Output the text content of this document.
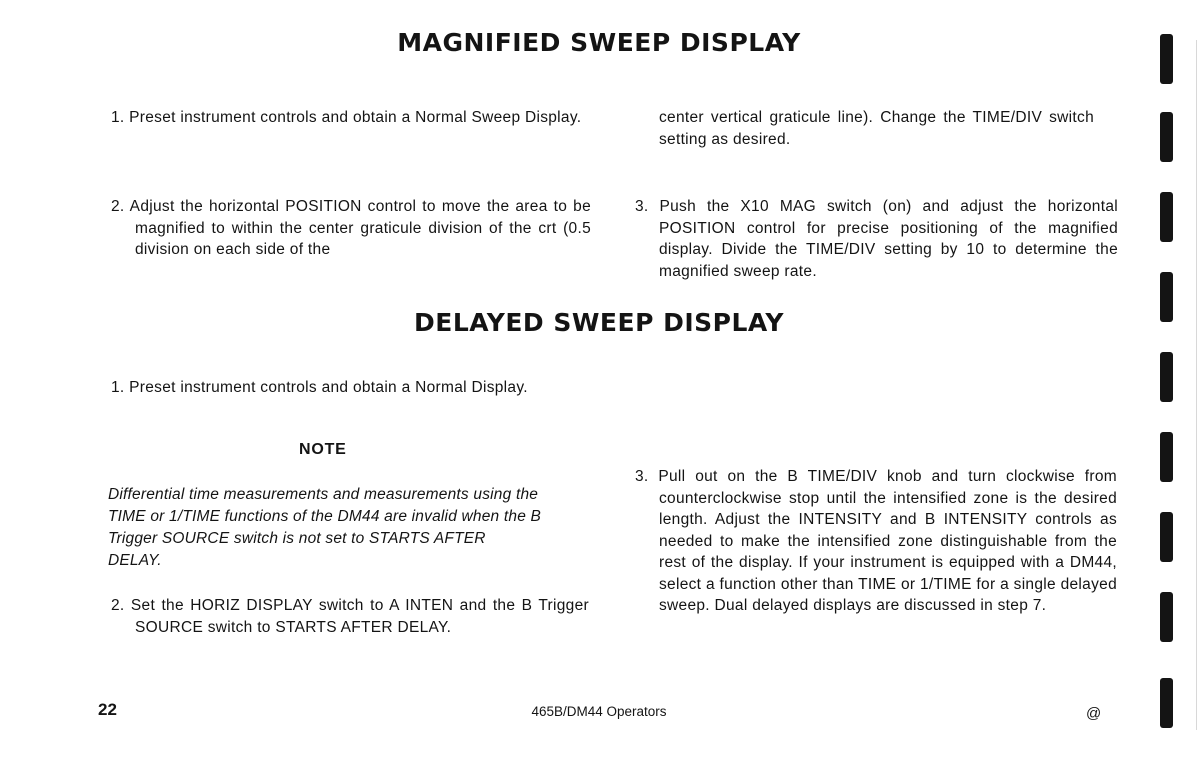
MAGNIFIED SWEEP DISPLAY

1. Preset instrument controls and obtain a Normal Sweep Display.

2. Adjust the horizontal POSITION control to move the area to be magnified to within the center graticule division of the crt (0.5 division on each side of the

center vertical graticule line). Change the TIME/DIV switch setting as desired.

3. Push the X10 MAG switch (on) and adjust the horizontal POSITION control for precise positioning of the magnified display. Divide the TIME/DIV setting by 10 to determine the magnified sweep rate.

DELAYED SWEEP DISPLAY

1. Preset instrument controls and obtain a Normal Display.

NOTE

Differential time measurements and measurements using the TIME or 1/TIME functions of the DM44 are invalid when the B Trigger SOURCE switch is not set to STARTS AFTER DELAY.

2. Set the HORIZ DISPLAY switch to A INTEN and the B Trigger SOURCE switch to STARTS AFTER DELAY.

3. Pull out on the B TIME/DIV knob and turn clockwise from counterclockwise stop until the intensified zone is the desired length. Adjust the INTENSITY and B INTENSITY controls as needed to make the intensified zone distinguishable from the rest of the display. If your instrument is equipped with a DM44, select a function other than TIME or 1/TIME for a single delayed sweep. Dual delayed displays are discussed in step 7.

22	465B/DM44 Operators	@
